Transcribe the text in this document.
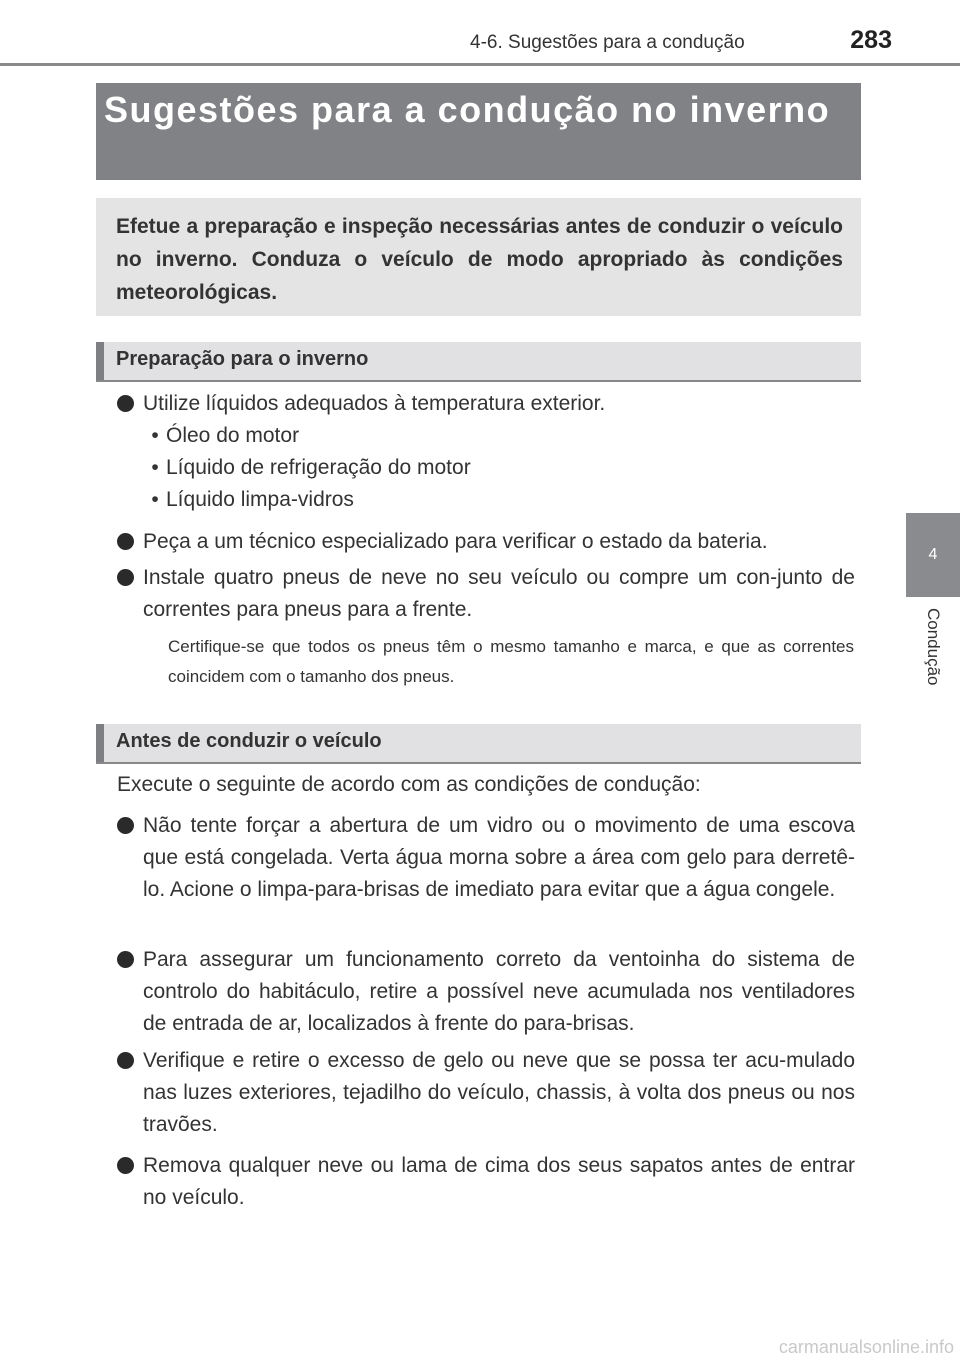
4-6. Sugestões para a condução	283
4
Condução
Sugestões para a condução no inverno
Efetue a preparação e inspeção necessárias antes de conduzir o veículo no inverno. Conduza o veículo de modo apropriado às condições meteorológicas.
Preparação para o inverno
Utilize líquidos adequados à temperatura exterior.
• Óleo do motor
• Líquido de refrigeração do motor
• Líquido limpa-vidros
Peça a um técnico especializado para verificar o estado da bateria.
Instale quatro pneus de neve no seu veículo ou compre um con-junto de correntes para pneus para a frente.
Certifique-se que todos os pneus têm o mesmo tamanho e marca, e que as correntes coincidem com o tamanho dos pneus.
Antes de conduzir o veículo
Execute o seguinte de acordo com as condições de condução:
Não tente forçar a abertura de um vidro ou o movimento de uma escova que está congelada. Verta água morna sobre a área com gelo para derretê-lo. Acione o limpa-para-brisas de imediato para evitar que a água congele.
Para assegurar um funcionamento correto da ventoinha do sistema de controlo do habitáculo, retire a possível neve acumulada nos ventiladores de entrada de ar, localizados à frente do para-brisas.
Verifique e retire o excesso de gelo ou neve que se possa ter acu-mulado nas luzes exteriores, tejadilho do veículo, chassis, à volta dos pneus ou nos travões.
Remova qualquer neve ou lama de cima dos seus sapatos antes de entrar no veículo.
carmanualsonline.info
